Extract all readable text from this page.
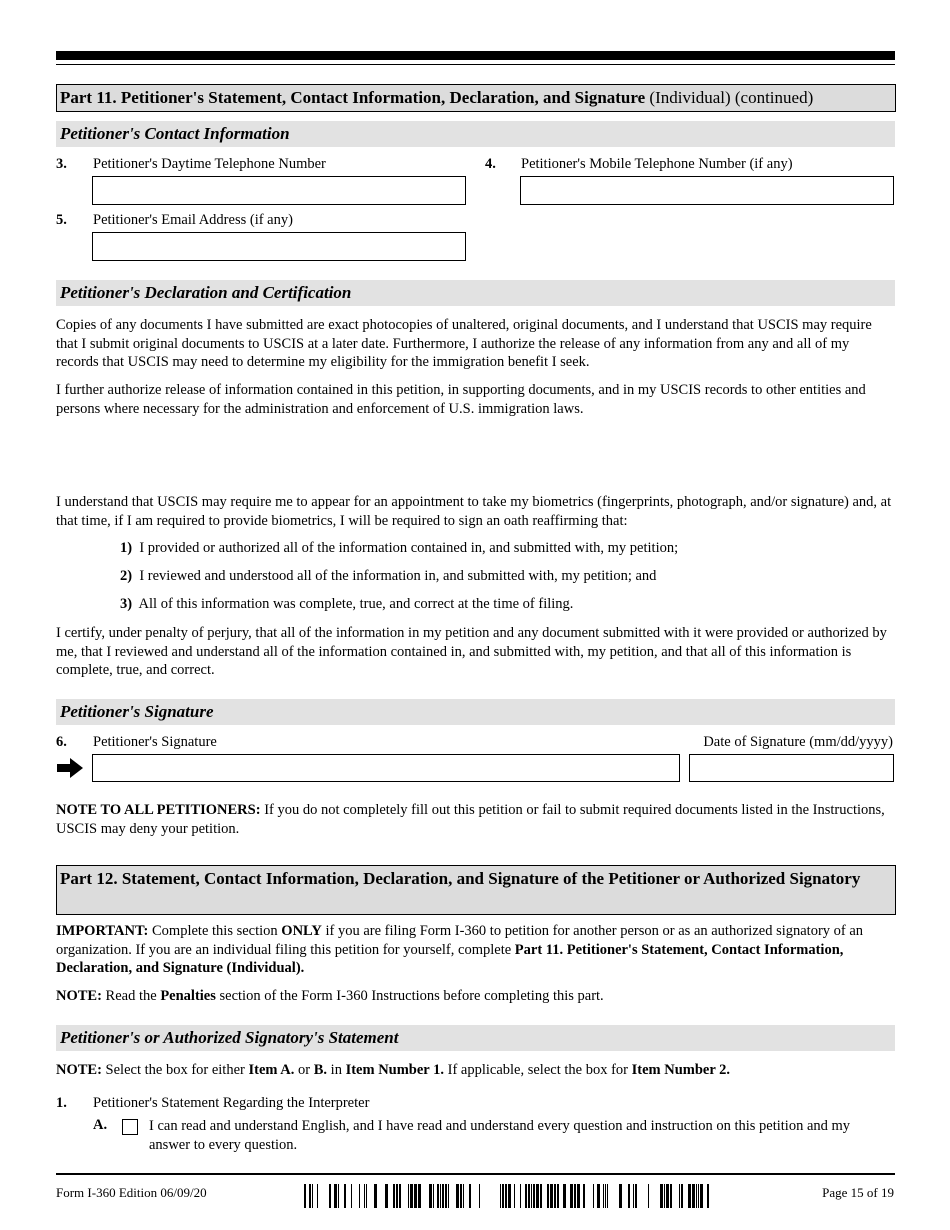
Part 11. Petitioner's Statement, Contact Information, Declaration, and Signature (Individual) (continued)
Petitioner's Contact Information
3. Petitioner's Daytime Telephone Number	4. Petitioner's Mobile Telephone Number (if any)
5. Petitioner's Email Address (if any)
Petitioner's Declaration and Certification
Copies of any documents I have submitted are exact photocopies of unaltered, original documents, and I understand that USCIS may require that I submit original documents to USCIS at a later date. Furthermore, I authorize the release of any information from any and all of my records that USCIS may need to determine my eligibility for the immigration benefit I seek.
I further authorize release of information contained in this petition, in supporting documents, and in my USCIS records to other entities and persons where necessary for the administration and enforcement of U.S. immigration laws.
I understand that USCIS may require me to appear for an appointment to take my biometrics (fingerprints, photograph, and/or signature) and, at that time, if I am required to provide biometrics, I will be required to sign an oath reaffirming that:
1) I provided or authorized all of the information contained in, and submitted with, my petition;
2) I reviewed and understood all of the information in, and submitted with, my petition; and
3) All of this information was complete, true, and correct at the time of filing.
I certify, under penalty of perjury, that all of the information in my petition and any document submitted with it were provided or authorized by me, that I reviewed and understand all of the information contained in, and submitted with, my petition, and that all of this information is complete, true, and correct.
Petitioner's Signature
6. Petitioner's Signature	Date of Signature (mm/dd/yyyy)
NOTE TO ALL PETITIONERS: If you do not completely fill out this petition or fail to submit required documents listed in the Instructions, USCIS may deny your petition.
Part 12. Statement, Contact Information, Declaration, and Signature of the Petitioner or Authorized Signatory
IMPORTANT: Complete this section ONLY if you are filing Form I-360 to petition for another person or as an authorized signatory of an organization. If you are an individual filing this petition for yourself, complete Part 11. Petitioner's Statement, Contact Information, Declaration, and Signature (Individual).
NOTE: Read the Penalties section of the Form I-360 Instructions before completing this part.
Petitioner's or Authorized Signatory's Statement
NOTE: Select the box for either Item A. or B. in Item Number 1. If applicable, select the box for Item Number 2.
1. Petitioner's Statement Regarding the Interpreter
A.	I can read and understand English, and I have read and understand every question and instruction on this petition and my answer to every question.
Form I-360 Edition 06/09/20	Page 15 of 19
